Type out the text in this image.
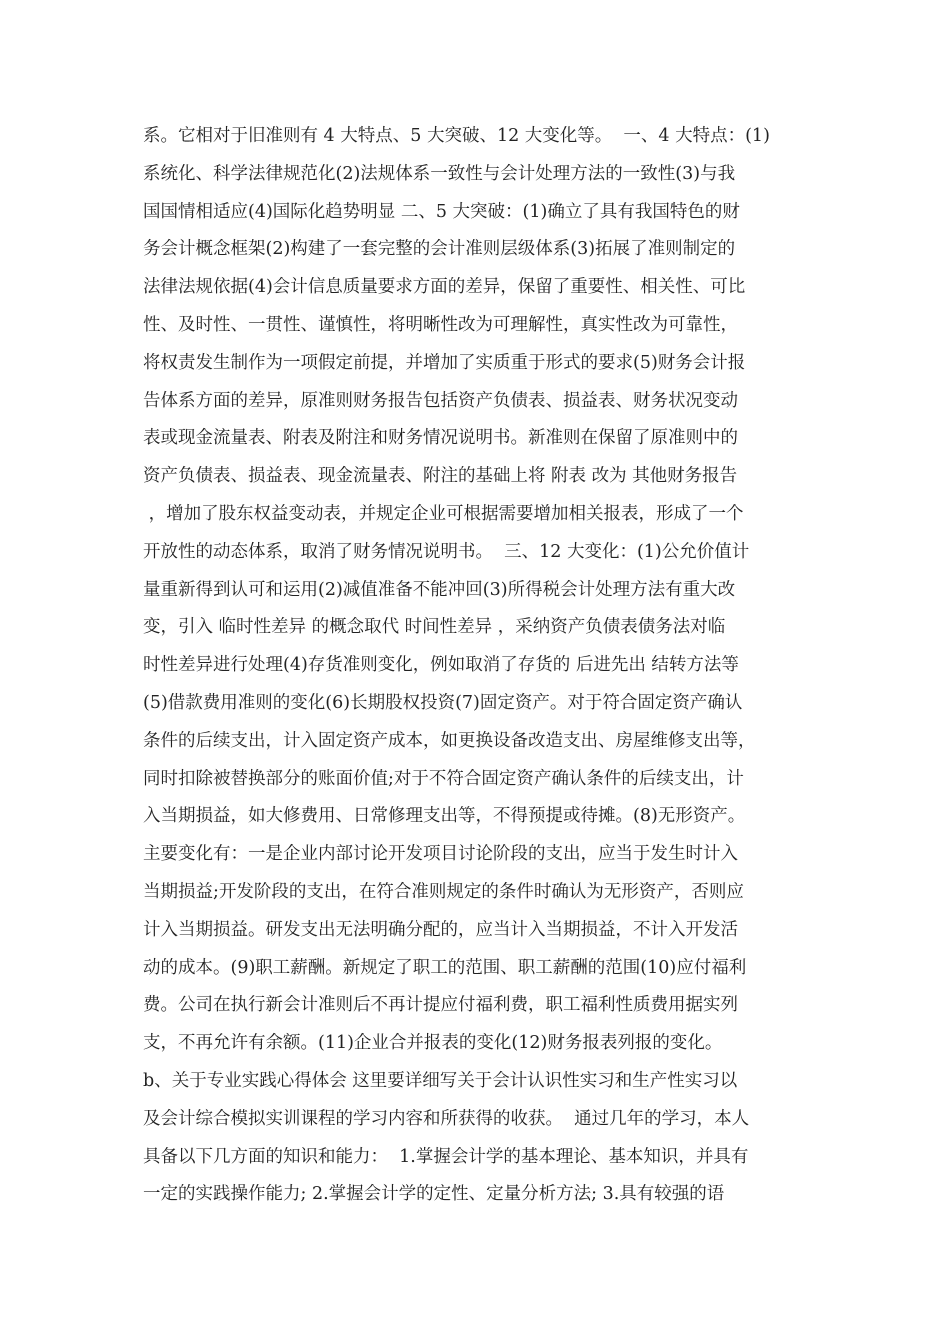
系。它相对于旧准则有 4 大特点、5 大突破、12 大变化等。  一、4 大特点：(1)
系统化、科学法律规范化(2)法规体系一致性与会计处理方法的一致性(3)与我
国国情相适应(4)国际化趋势明显 二、5 大突破：(1)确立了具有我国特色的财
务会计概念框架(2)构建了一套完整的会计准则层级体系(3)拓展了准则制定的
法律法规依据(4)会计信息质量要求方面的差异，保留了重要性、相关性、可比
性、及时性、一贯性、谨慎性，将明晰性改为可理解性，真实性改为可靠性，
将权责发生制作为一项假定前提，并增加了实质重于形式的要求(5)财务会计报
告体系方面的差异，原准则财务报告包括资产负债表、损益表、财务状况变动
表或现金流量表、附表及附注和财务情况说明书。新准则在保留了原准则中的
资产负债表、损益表、现金流量表、附注的基础上将 附表 改为 其他财务报告
，增加了股东权益变动表，并规定企业可根据需要增加相关报表，形成了一个
开放性的动态体系，取消了财务情况说明书。  三、12 大变化：(1)公允价值计
量重新得到认可和运用(2)减值准备不能冲回(3)所得税会计处理方法有重大改
变，引入 临时性差异 的概念取代 时间性差异 ，采纳资产负债表债务法对临
时性差异进行处理(4)存货准则变化，例如取消了存货的 后进先出 结转方法等
(5)借款费用准则的变化(6)长期股权投资(7)固定资产。对于符合固定资产确认
条件的后续支出，计入固定资产成本，如更换设备改造支出、房屋维修支出等，
同时扣除被替换部分的账面价值;对于不符合固定资产确认条件的后续支出，计
入当期损益，如大修费用、日常修理支出等，不得预提或待摊。(8)无形资产。
主要变化有：一是企业内部讨论开发项目讨论阶段的支出，应当于发生时计入
当期损益;开发阶段的支出，在符合准则规定的条件时确认为无形资产，否则应
计入当期损益。研发支出无法明确分配的，应当计入当期损益，不计入开发活
动的成本。(9)职工薪酬。新规定了职工的范围、职工薪酬的范围(10)应付福利
费。公司在执行新会计准则后不再计提应付福利费，职工福利性质费用据实列
支，不再允许有余额。(11)企业合并报表的变化(12)财务报表列报的变化。
b、关于专业实践心得体会 这里要详细写关于会计认识性实习和生产性实习以
及会计综合模拟实训课程的学习内容和所获得的收获。  通过几年的学习，本人
具备以下几方面的知识和能力：  1.掌握会计学的基本理论、基本知识，并具有
一定的实践操作能力; 2.掌握会计学的定性、定量分析方法; 3.具有较强的语
